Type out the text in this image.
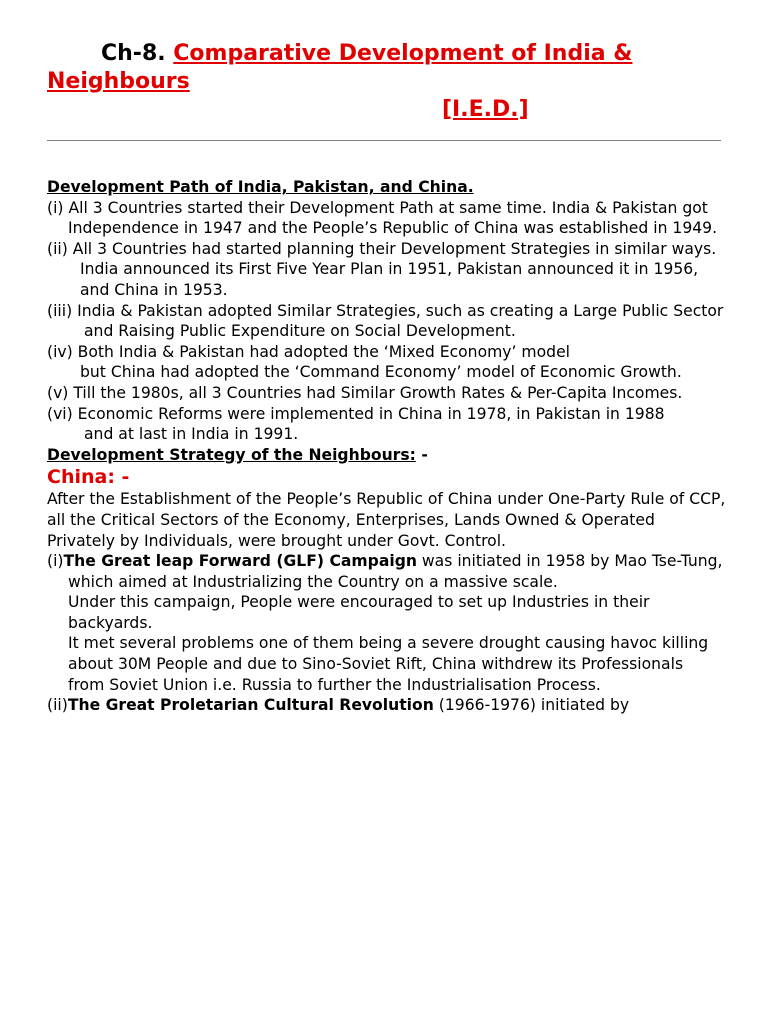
Ch-8. Comparative Development of India &
Neighbours
[I.E.D.]
Development Path of India, Pakistan, and China.
(i) All 3 Countries started their Development Path at same time. India & Pakistan got
Independence in 1947 and the People’s Republic of China was established in 1949.
(ii) All 3 Countries had started planning their Development Strategies in similar ways.
India announced its First Five Year Plan in 1951, Pakistan announced it in 1956,
and China in 1953.
(iii) India & Pakistan adopted Similar Strategies, such as creating a Large Public Sector
and Raising Public Expenditure on Social Development.
(iv) Both India & Pakistan had adopted the ‘Mixed Economy’ model
but China had adopted the ‘Command Economy’ model of Economic Growth.
(v) Till the 1980s, all 3 Countries had Similar Growth Rates & Per-Capita Incomes.
(vi) Economic Reforms were implemented in China in 1978, in Pakistan in 1988
and at last in India in 1991.
Development Strategy of the Neighbours: -
China: -
After the Establishment of the People’s Republic of China under One-Party Rule of CCP, all the Critical Sectors of the Economy, Enterprises, Lands Owned & Operated Privately by Individuals, were brought under Govt. Control.
(i)The Great leap Forward (GLF) Campaign was initiated in 1958 by Mao Tse-Tung,
which aimed at Industrializing the Country on a massive scale.
Under this campaign, People were encouraged to set up Industries in their backyards.
It met several problems one of them being a severe drought causing havoc killing
about 30M People and due to Sino-Soviet Rift, China withdrew its Professionals
from Soviet Union i.e. Russia to further the Industrialisation Process.
(ii)The Great Proletarian Cultural Revolution (1966-1976) initiated by
